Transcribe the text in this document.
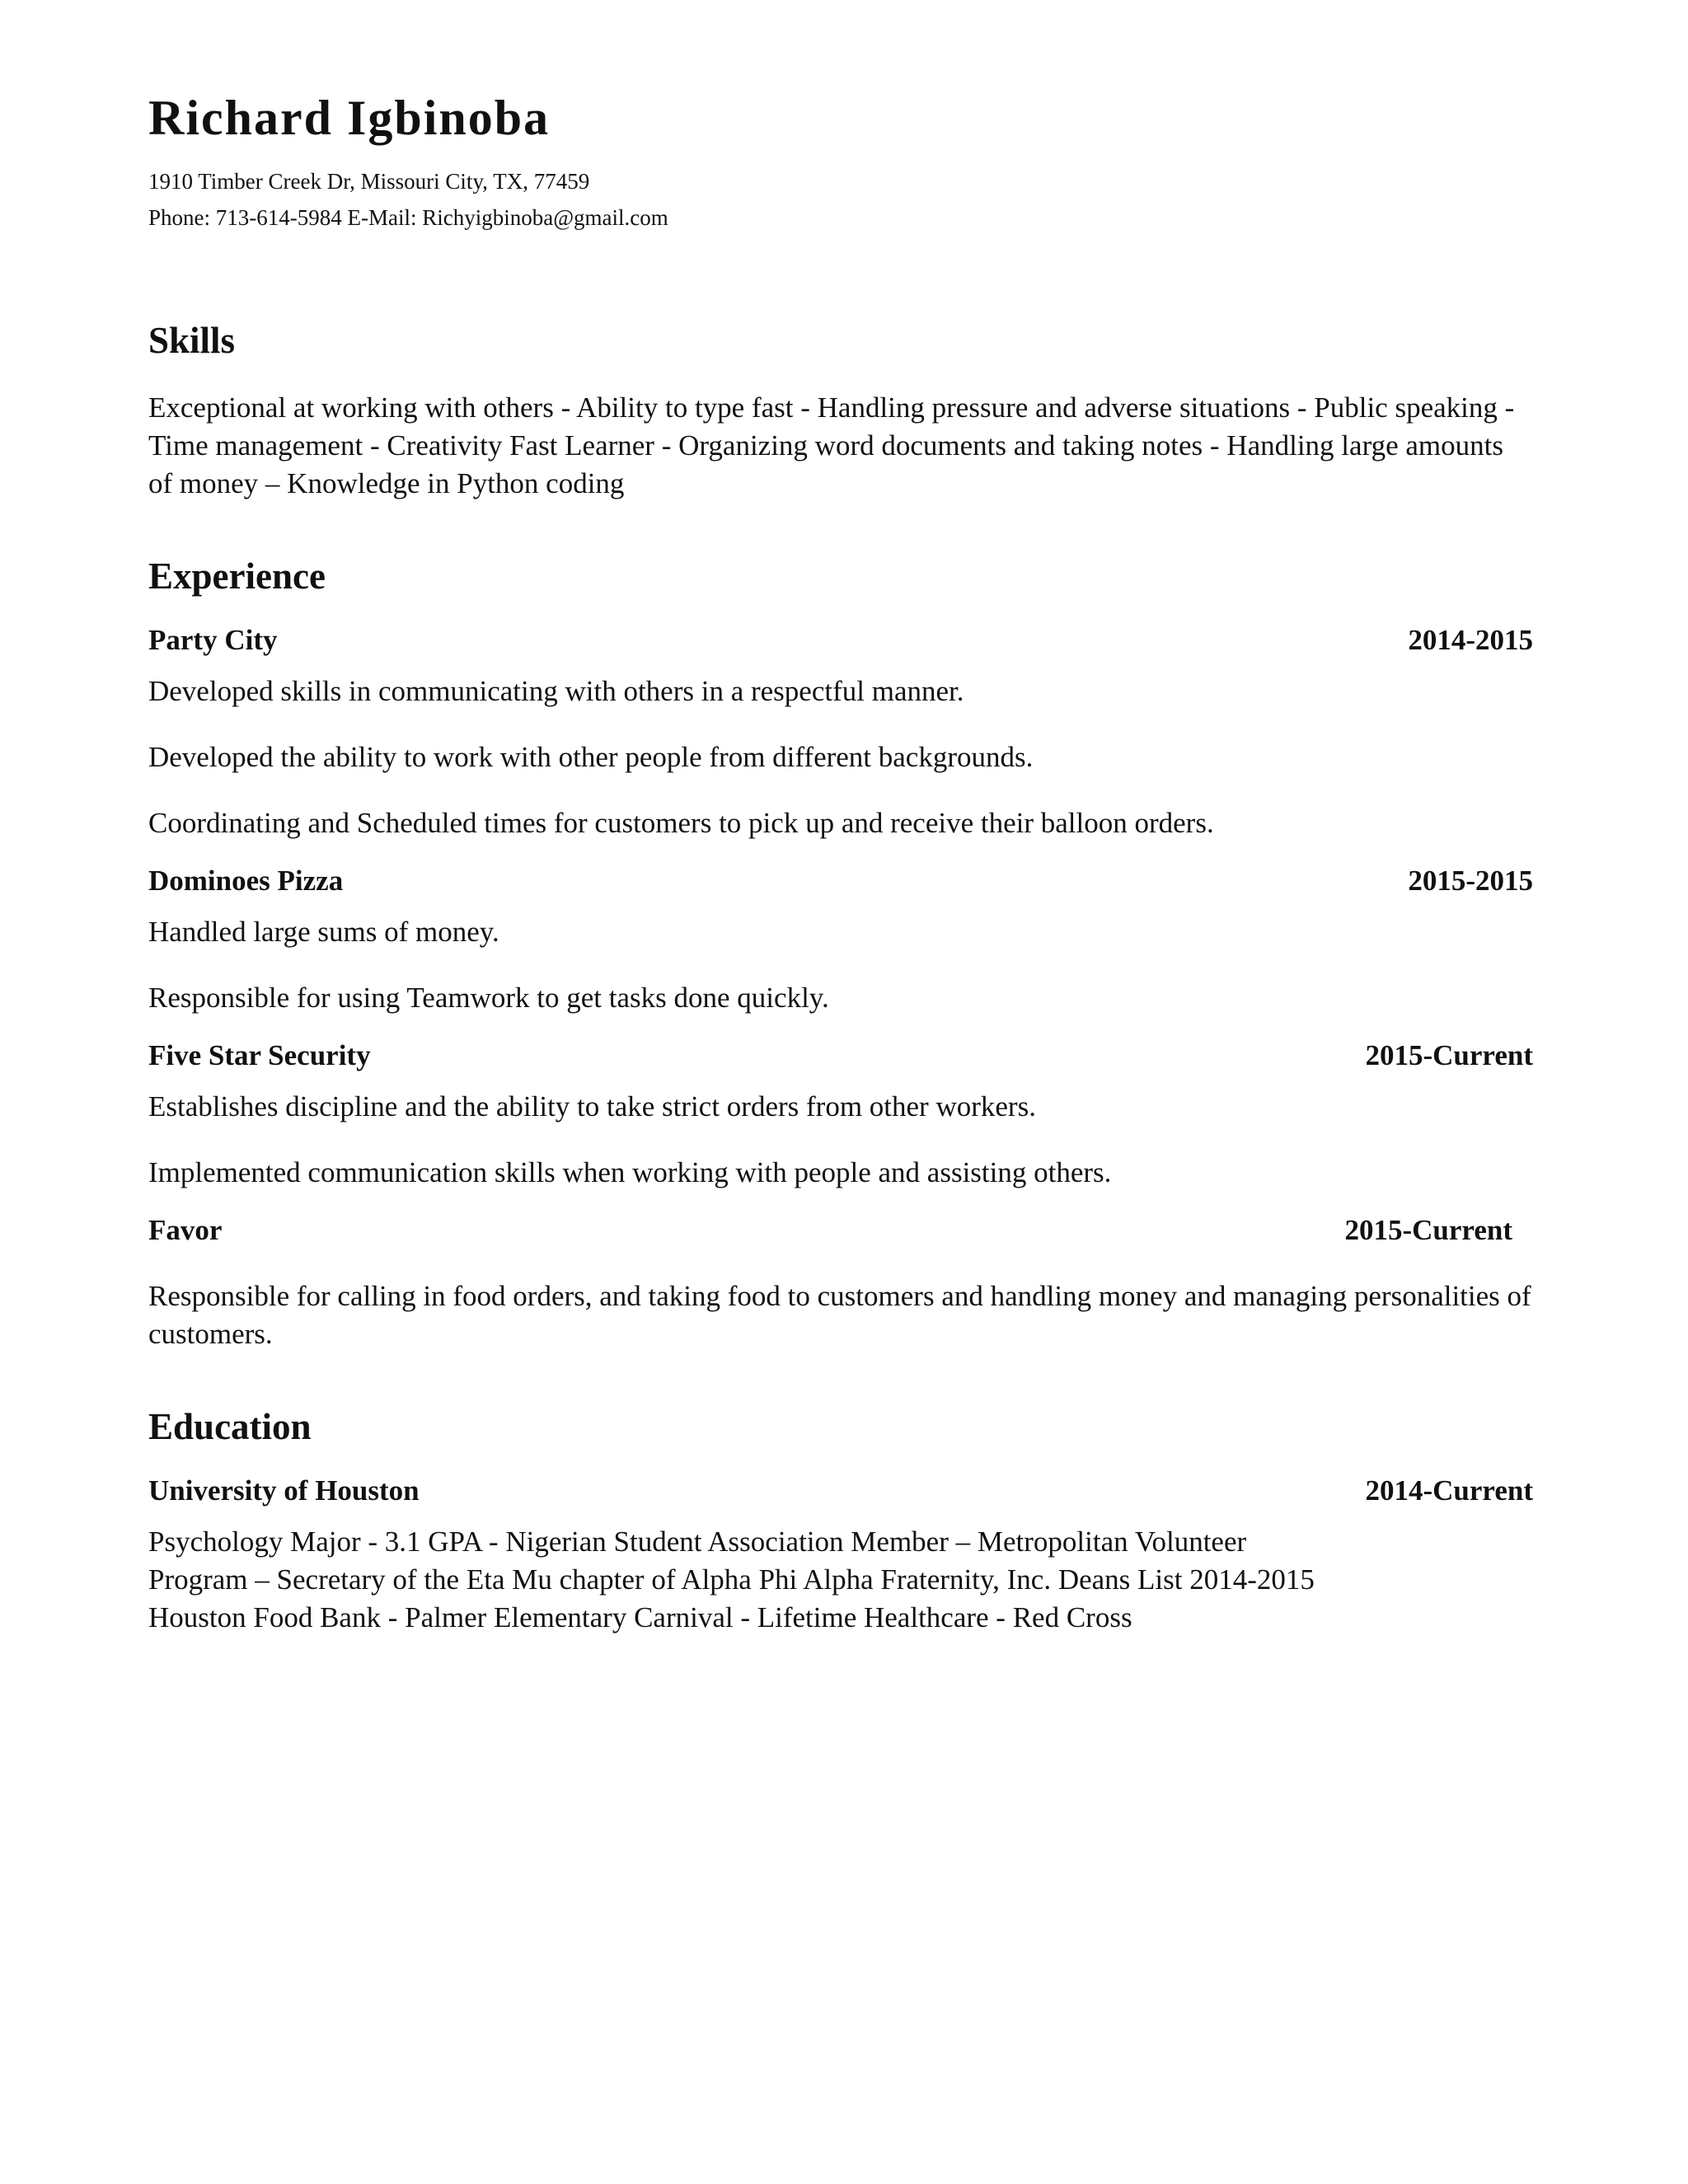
Richard Igbinoba

1910 Timber Creek Dr, Missouri City, TX, 77459

Phone: 713-614-5984 E-Mail: Richyigbinoba@gmail.com

Skills

Exceptional at working with others - Ability to type fast - Handling pressure and adverse situations - Public speaking - Time management - Creativity Fast Learner - Organizing word documents and taking notes - Handling large amounts of money – Knowledge in Python coding

Experience
Party City	2014-2015

Developed skills in communicating with others in a respectful manner.

Developed the ability to work with other people from different backgrounds.

Coordinating and Scheduled times for customers to pick up and receive their balloon orders.

Dominoes Pizza	2015-2015

Handled large sums of money.

Responsible for using Teamwork to get tasks done quickly.

Five Star Security	2015-Current

Establishes discipline and the ability to take strict orders from other workers.

Implemented communication skills when working with people and assisting others.

Favor	2015-Current

Responsible for calling in food orders, and taking food to customers and handling money and managing personalities of customers.

Education
University of Houston	2014-Current

Psychology Major - 3.1 GPA - Nigerian Student Association Member – Metropolitan Volunteer

Program – Secretary of the Eta Mu chapter of Alpha Phi Alpha Fraternity, Inc. Deans List 2014-2015

Houston Food Bank - Palmer Elementary Carnival - Lifetime Healthcare - Red Cross
